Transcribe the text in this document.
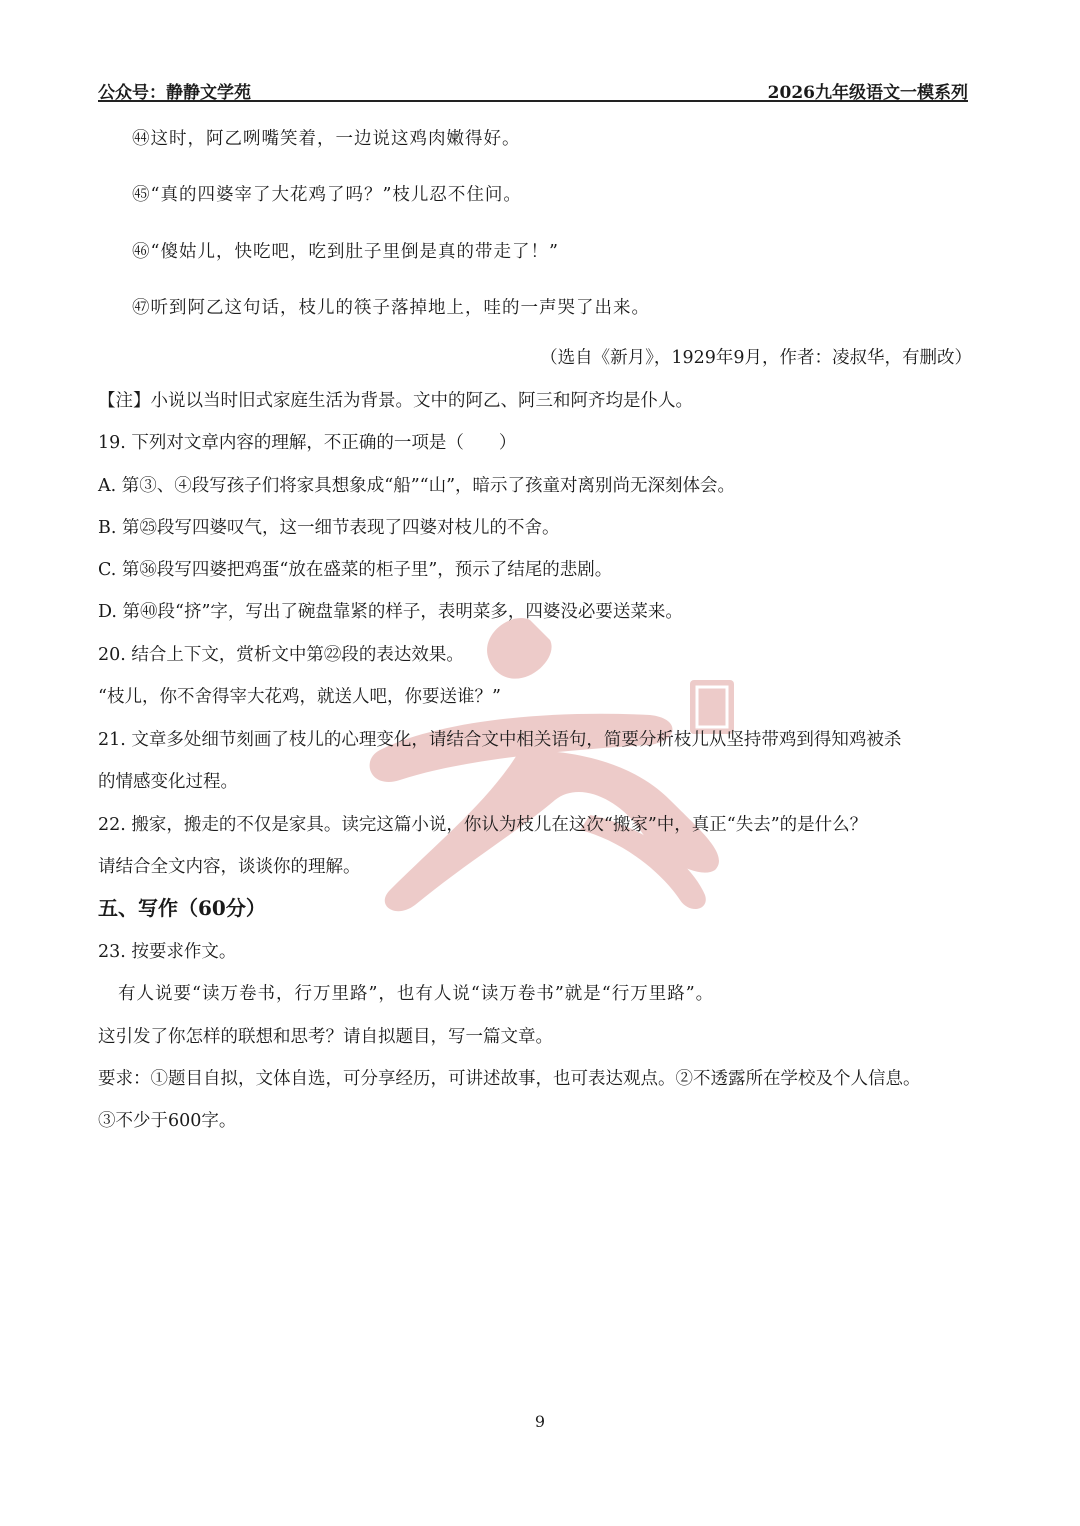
公众号：静静文学苑	2026九年级语文一模系列
㊹这时，阿乙咧嘴笑着，一边说这鸡肉嫩得好。
㊺“真的四婆宰了大花鸡了吗？”枝儿忍不住问。
㊻“傻姑儿，快吃吧，吃到肚子里倒是真的带走了！”
㊼听到阿乙这句话，枝儿的筷子落掉地上，哇的一声哭了出来。
（选自《新月》，1929年9月，作者：凌叔华，有删改）
【注】小说以当时旧式家庭生活为背景。文中的阿乙、阿三和阿齐均是仆人。
19. 下列对文章内容的理解，不正确的一项是（　　）
A. 第③、④段写孩子们将家具想象成“船”“山”，暗示了孩童对离别尚无深刻体会。
B. 第㉕段写四婆叹气，这一细节表现了四婆对枝儿的不舍。
C. 第㊱段写四婆把鸡蛋“放在盛菜的柜子里”，预示了结尾的悲剧。
D. 第㊵段“挤”字，写出了碗盘靠紧的样子，表明菜多，四婆没必要送菜来。
20. 结合上下文，赏析文中第㉒段的表达效果。
“枝儿，你不舍得宰大花鸡，就送人吧，你要送谁？”
21. 文章多处细节刻画了枝儿的心理变化，请结合文中相关语句，简要分析枝儿从坚持带鸡到得知鸡被杀
的情感变化过程。
22. 搬家，搬走的不仅是家具。读完这篇小说，你认为枝儿在这次“搬家”中，真正“失去”的是什么？
请结合全文内容，谈谈你的理解。
五、写作（60分）
23. 按要求作文。
有人说要“读万卷书，行万里路”，也有人说“读万卷书”就是“行万里路”。
这引发了你怎样的联想和思考？请自拟题目，写一篇文章。
要求：①题目自拟，文体自选，可分享经历，可讲述故事，也可表达观点。②不透露所在学校及个人信息。
③不少于600字。
9
